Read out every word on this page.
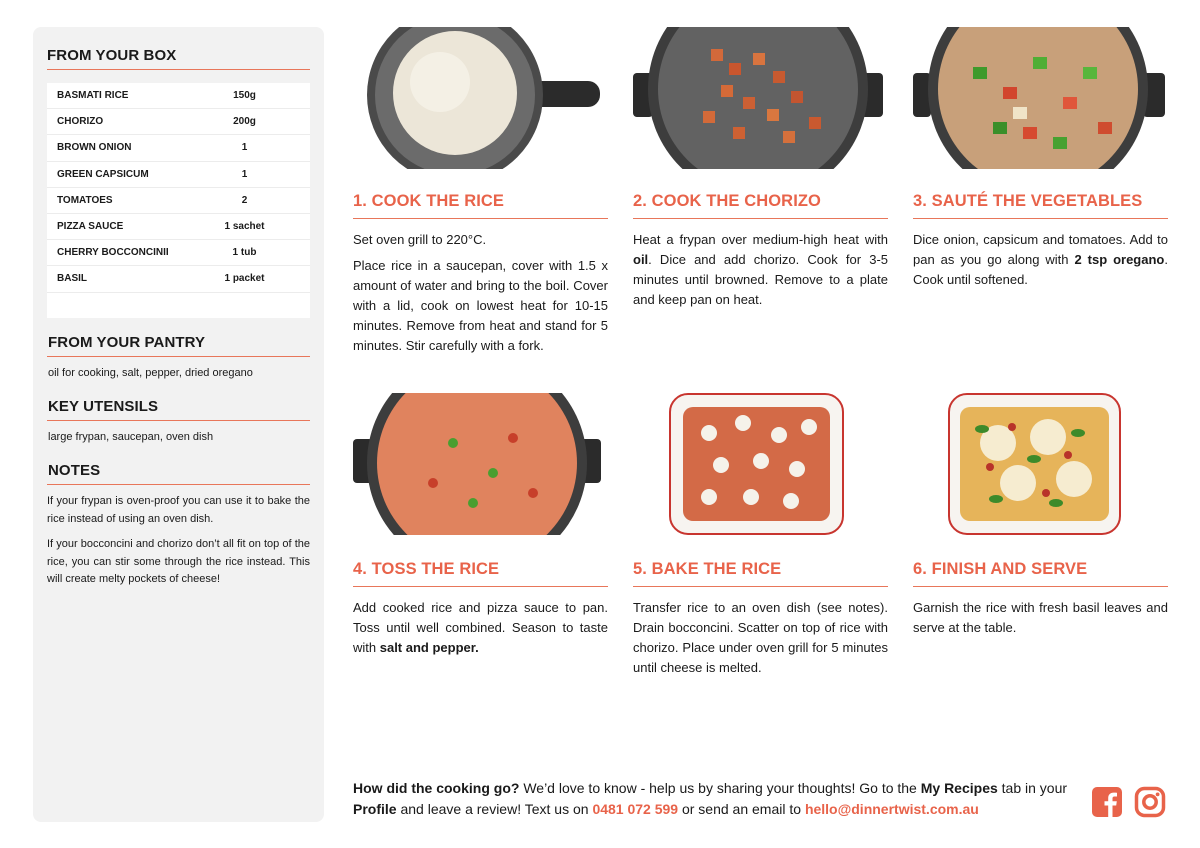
FROM YOUR BOX
BASMATI RICE	150g
CHORIZO	200g
BROWN ONION	1
GREEN CAPSICUM	1
TOMATOES	2
PIZZA SAUCE	1 sachet
CHERRY BOCCONCINII	1 tub
BASIL	1 packet
FROM YOUR PANTRY
oil for cooking, salt, pepper, dried oregano
KEY UTENSILS
large frypan, saucepan, oven dish
NOTES

If your frypan is oven-proof you can use it to bake the rice instead of using an oven dish.

If your bocconcini and chorizo don’t all fit on top of the rice, you can stir some through the rice instead. This will create melty pockets of cheese!

1. COOK THE RICE

Set oven grill to 220°C.

Place rice in a saucepan, cover with 1.5 x amount of water and bring to the boil. Cover with a lid, cook on lowest heat for 10-15 minutes. Remove from heat and stand for 5 minutes. Stir carefully with a fork.

2. COOK THE CHORIZO

Heat a frypan over medium-high heat with oil. Dice and add chorizo. Cook for 3-5 minutes until browned. Remove to a plate and keep pan on heat.

3. SAUTÉ THE VEGETABLES

Dice onion, capsicum and tomatoes. Add to pan as you go along with 2 tsp oregano. Cook until softened.

4. TOSS THE RICE

Add cooked rice and pizza sauce to pan. Toss until well combined. Season to taste with salt and pepper.

5. BAKE THE RICE

Transfer rice to an oven dish (see notes). Drain bocconcini. Scatter on top of rice with chorizo. Place under oven grill for 5 minutes until cheese is melted.

6. FINISH AND SERVE

Garnish the rice with fresh basil leaves and serve at the table.

How did the cooking go? We’d love to know - help us by sharing your thoughts! Go to the My Recipes tab in your Profile and leave a review! Text us on 0481 072 599 or send an email to hello@dinnertwist.com.au
